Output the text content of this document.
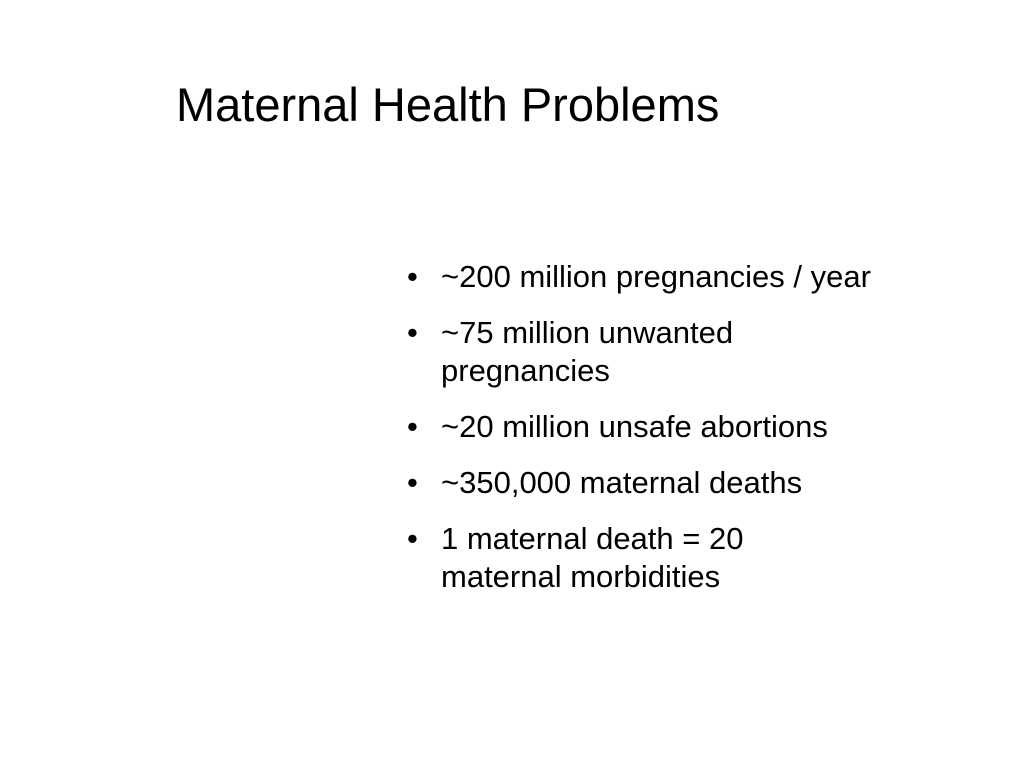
Maternal Health Problems
• ~200 million pregnancies / year
• ~75 million unwanted pregnancies
• ~20 million unsafe abortions
• ~350,000 maternal deaths
• 1 maternal death = 20 maternal morbidities
